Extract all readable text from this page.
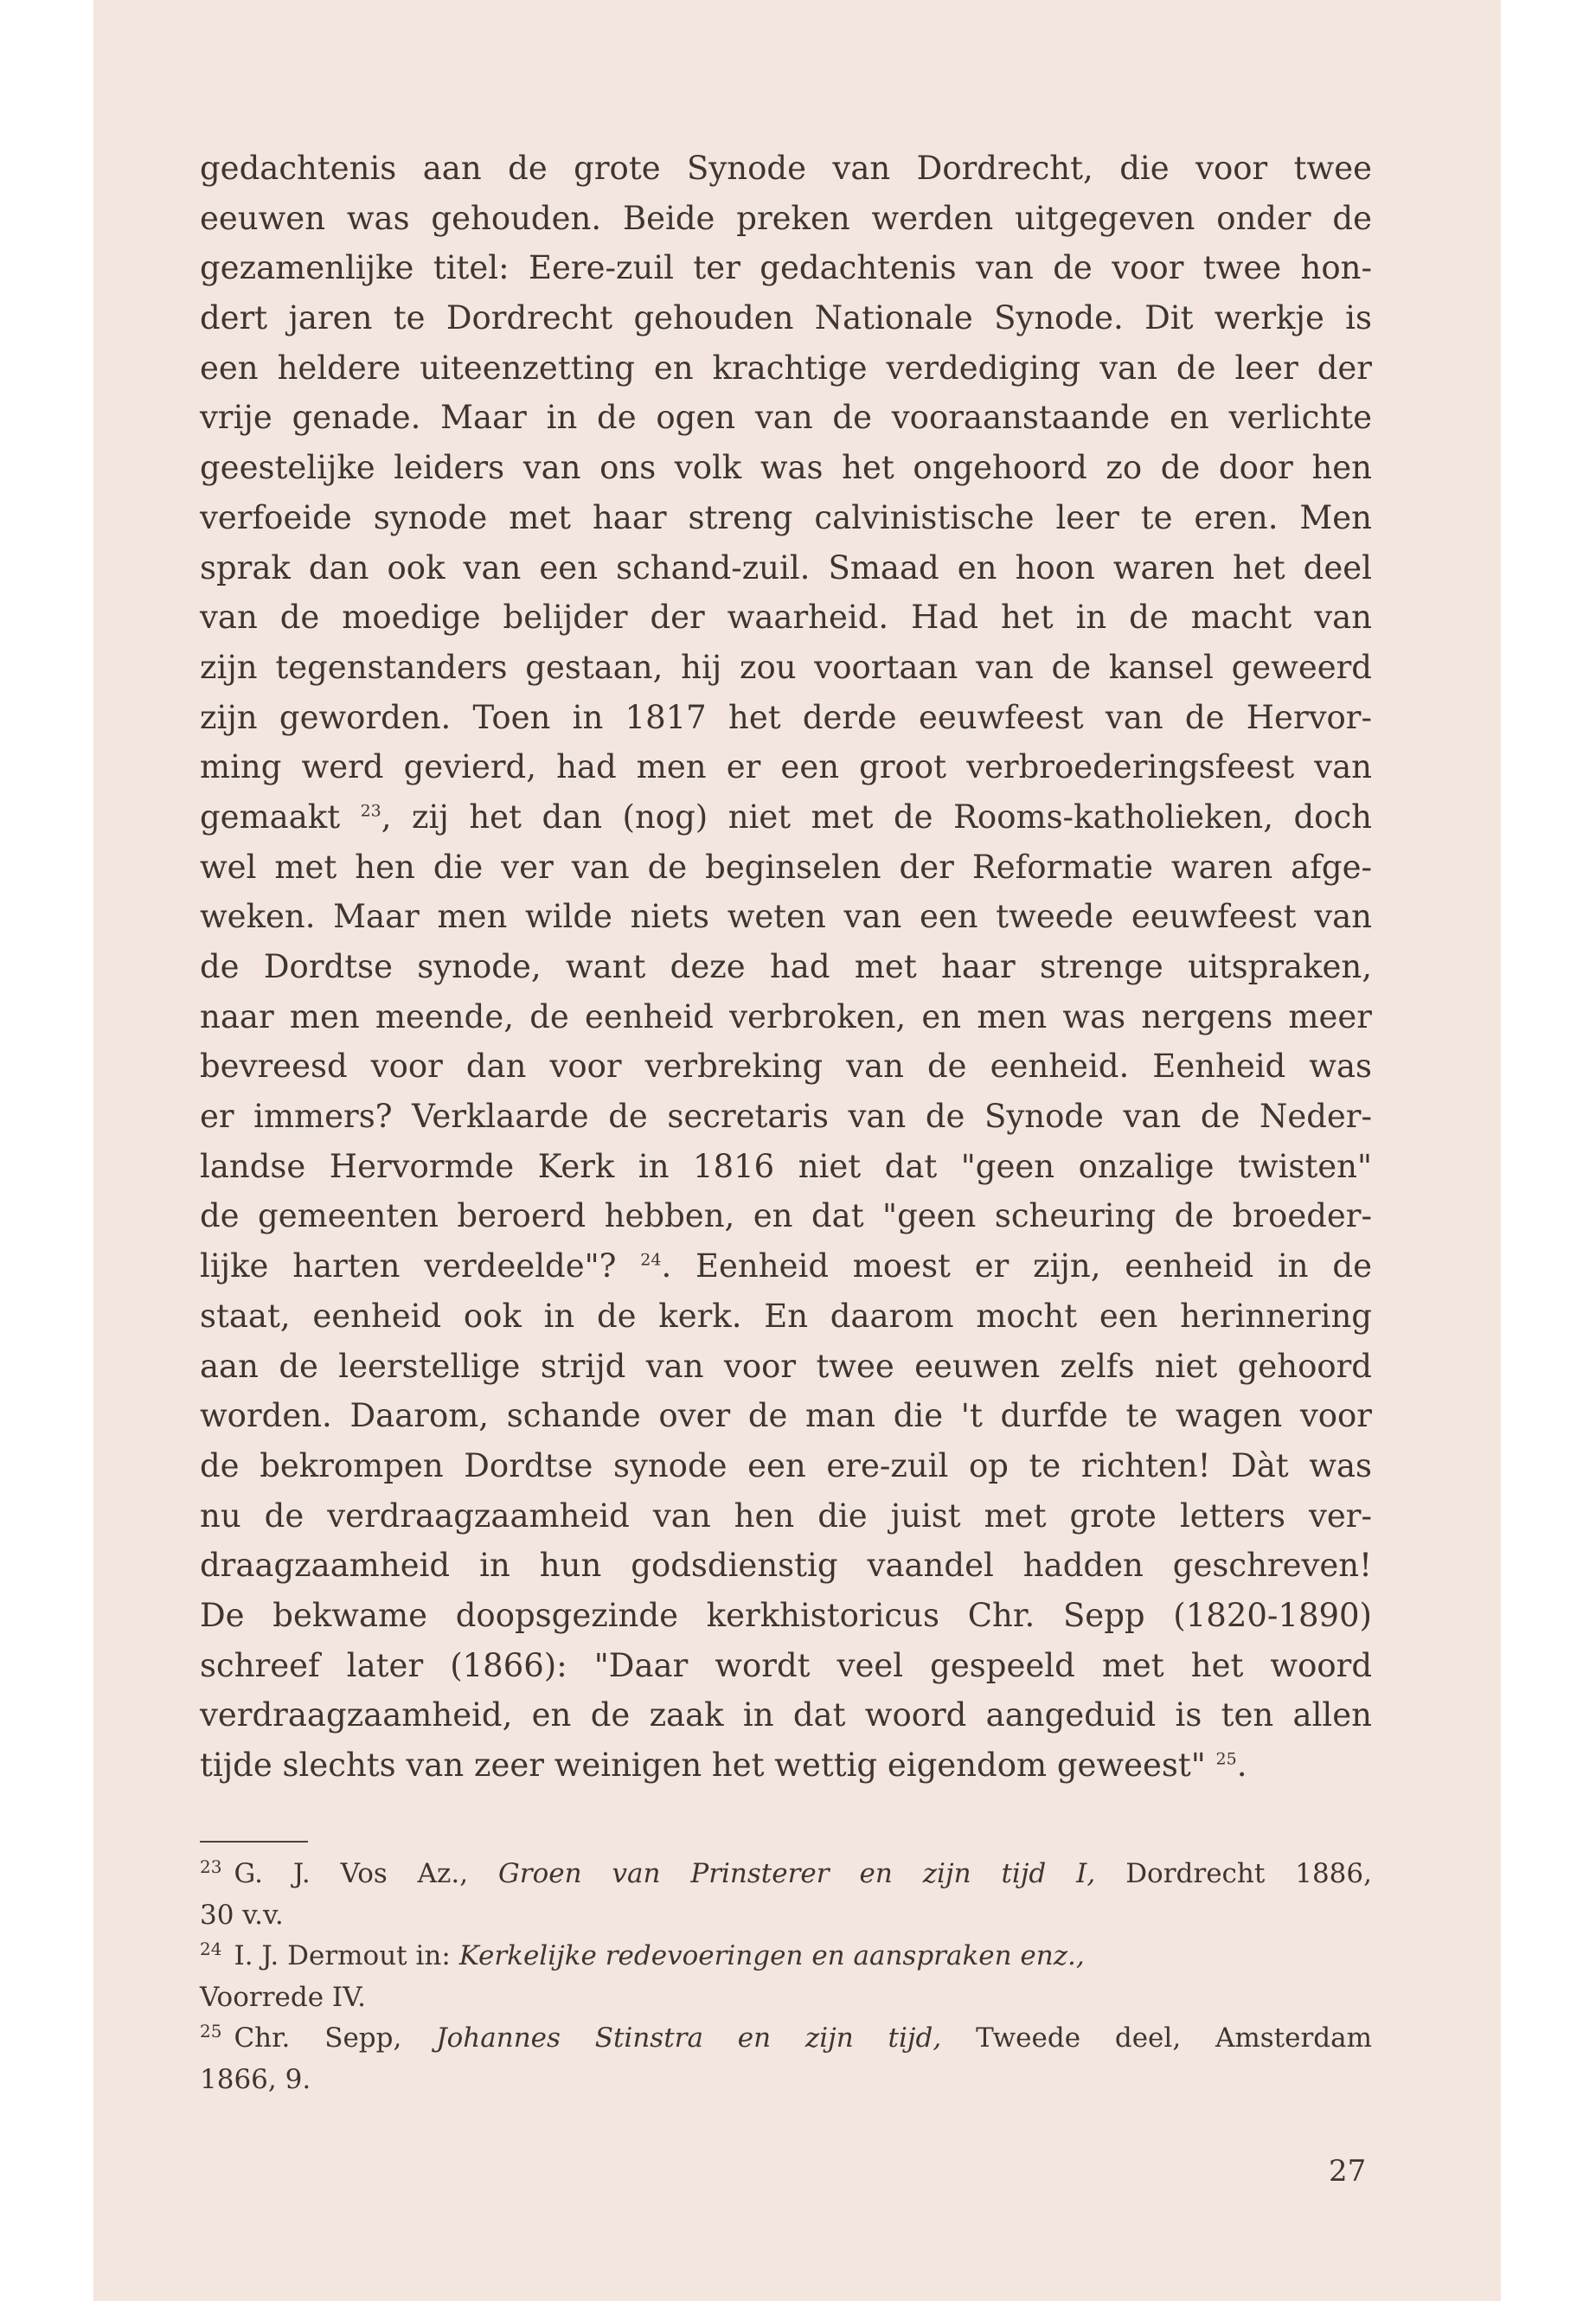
gedachtenis aan de grote Synode van Dordrecht, die voor twee
eeuwen was gehouden. Beide preken werden uitgegeven onder de
gezamenlijke titel: Eere-zuil ter gedachtenis van de voor twee hon-
dert jaren te Dordrecht gehouden Nationale Synode. Dit werkje is
een heldere uiteenzetting en krachtige verdediging van de leer der
vrije genade. Maar in de ogen van de vooraanstaande en verlichte
geestelijke leiders van ons volk was het ongehoord zo de door hen
verfoeide synode met haar streng calvinistische leer te eren. Men
sprak dan ook van een schand-zuil. Smaad en hoon waren het deel
van de moedige belijder der waarheid. Had het in de macht van
zijn tegenstanders gestaan, hij zou voortaan van de kansel geweerd
zijn geworden. Toen in 1817 het derde eeuwfeest van de Hervor-
ming werd gevierd, had men er een groot verbroederingsfeest van
gemaakt $^{23}$, zij het dan (nog) niet met de Rooms-katholieken, doch
wel met hen die ver van de beginselen der Reformatie waren afge-
weken. Maar men wilde niets weten van een tweede eeuwfeest van
de Dordtse synode, want deze had met haar strenge uitspraken,
naar men meende, de eenheid verbroken, en men was nergens meer
bevreesd voor dan voor verbreking van de eenheid. Eenheid was
er immers? Verklaarde de secretaris van de Synode van de Neder-
landse Hervormde Kerk in 1816 niet dat "geen onzalige twisten"
de gemeenten beroerd hebben, en dat "geen scheuring de broeder-
lijke harten verdeelde"? $^{24}$. Eenheid moest er zijn, eenheid in de
staat, eenheid ook in de kerk. En daarom mocht een herinnering
aan de leerstellige strijd van voor twee eeuwen zelfs niet gehoord
worden. Daarom, schande over de man die 't durfde te wagen voor
de bekrompen Dordtse synode een ere-zuil op te richten! Dàt was
nu de verdraagzaamheid van hen die juist met grote letters ver-
draagzaamheid in hun godsdienstig vaandel hadden geschreven!
De bekwame doopsgezinde kerkhistoricus Chr. Sepp (1820-1890)
schreef later (1866): "Daar wordt veel gespeeld met het woord
verdraagzaamheid, en de zaak in dat woord aangeduid is ten allen
tijde slechts van zeer weinigen het wettig eigendom geweest" $^{25}$.
$^{23}$ G. J. Vos Az., Groen van Prinsterer en zijn tijd I, Dordrecht 1886,
30 v.v.
$^{24}$ I. J. Dermout in: Kerkelijke redevoeringen en aanspraken enz.,
Voorrede IV.
$^{25}$ Chr. Sepp, Johannes Stinstra en zijn tijd, Tweede deel, Amsterdam
1866, 9.
27
